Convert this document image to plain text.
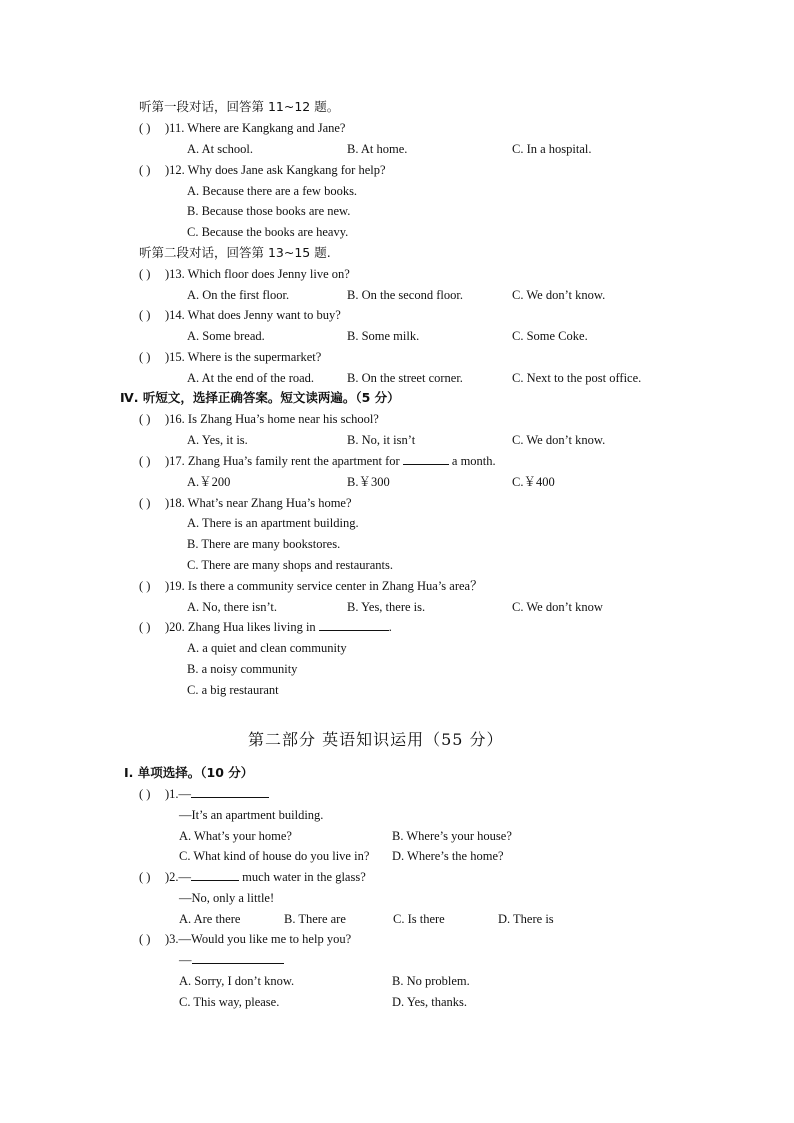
听第一段对话，回答第 11~12 题。
( ) )11. Where are Kangkang and Jane?
A. At school.	B. At home.	C. In a hospital.
( ) )12. Why does Jane ask Kangkang for help?
A. Because there are a few books.
B. Because those books are new.
C. Because the books are heavy.
听第二段对话，回答第 13~15 题.
( ) )13. Which floor does Jenny live on?
A. On the first floor.	B. On the second floor.	C. We don’t know.
( ) )14. What does Jenny want to buy?
A. Some bread.	B. Some milk.	C. Some Coke.
( ) )15. Where is the supermarket?
A. At the end of the road.	B. On the street corner.	C. Next to the post office.
Ⅳ. 听短文，选择正确答案。短文读两遍。（5 分）
( ) )16. Is Zhang Hua’s home near his school?
A. Yes, it is.	B. No, it isn’t	C. We don’t know.
( ) )17. Zhang Hua’s family rent the apartment for	a month.
A.￥200	B.￥300	C.￥400
( ) )18. What’s near Zhang Hua’s home?
A. There is an apartment building.
B. There are many bookstores.
C. There are many shops and restaurants.
( ) )19. Is there a community service center in Zhang Hua’s area？
A. No, there isn’t.	B. Yes, there is.	C. We don’t know
( ) )20. Zhang Hua likes living in	.
A. a quiet and clean community
B. a noisy community
C. a big restaurant
第二部分 英语知识运用（55 分）
Ⅰ. 单项选择。（10 分）
( ) )1.—
—It’s an apartment building.
A. What’s your home?	B. Where’s your house?
C. What kind of house do you live in? D. Where’s the home?
( ) )2.—	much water in the glass?
—No, only a little!
A. Are there	B. There are	C. Is there	D. There is
( ) )3.—Would you like me to help you?
—
A. Sorry, I don’t know.	B. No problem.
C. This way, please.	D. Yes, thanks.
